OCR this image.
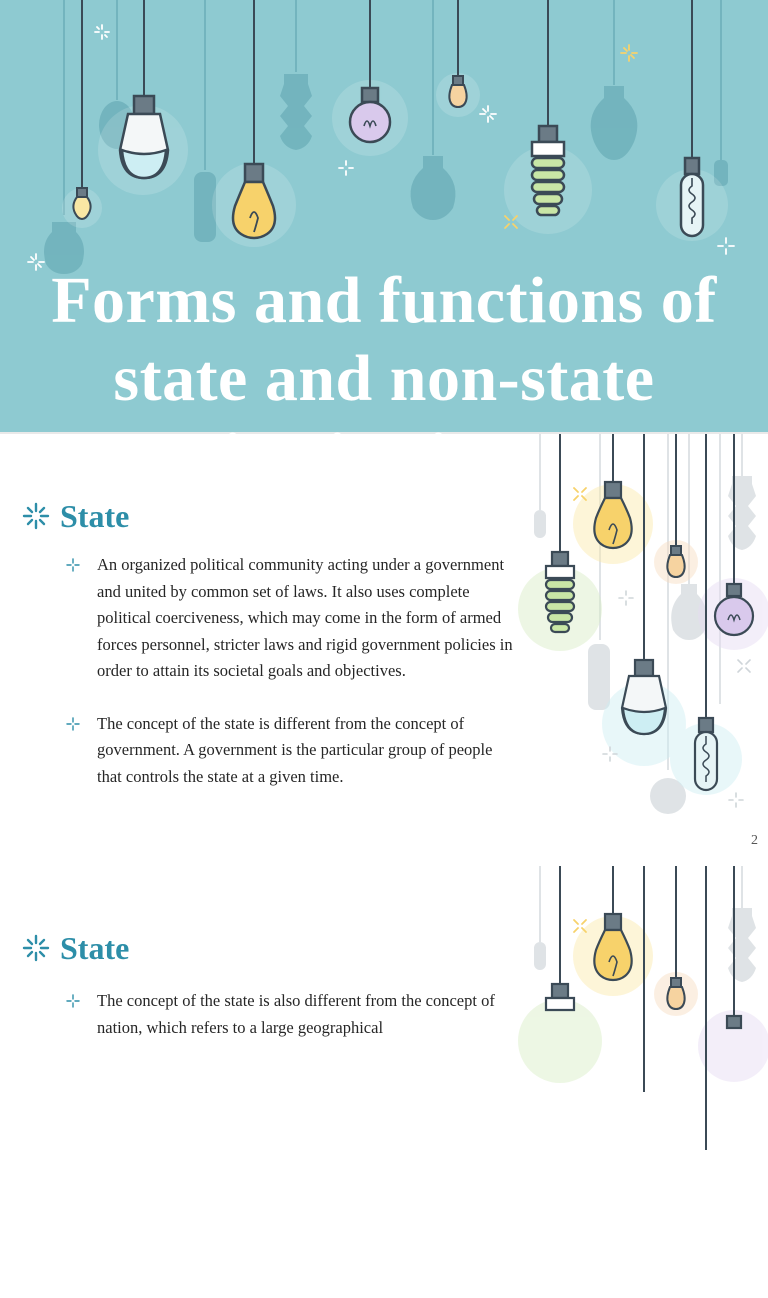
Forms and functions of state and non-state
State
An organized political community acting under a government and united by common set of laws. It also uses complete political coerciveness, which may come in the form of armed forces personnel, stricter laws and rigid government policies in order to attain its societal goals and objectives.
The concept of the state is different from the concept of government. A government is the particular group of people that controls the state at a given time.
2
State
The concept of the state is also different from the concept of nation, which refers to a large geographical
